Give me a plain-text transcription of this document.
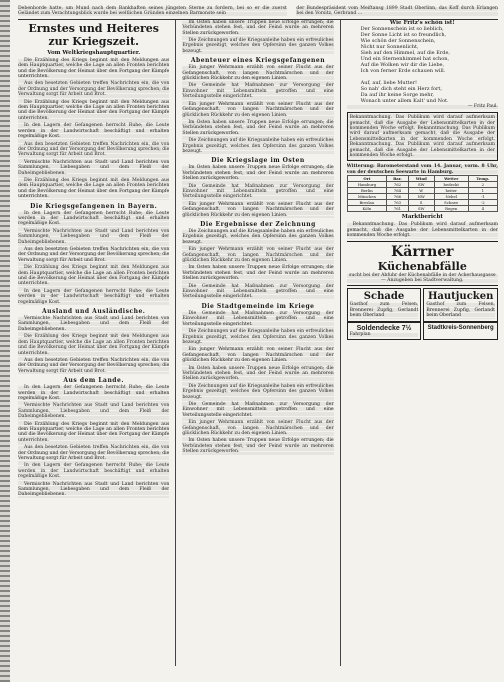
Debenhorde hatte, um Mund nach dem Bankhaften seines jüngsten Sterne zu fordern, bei so er die zuerst Geländet zum Verachtungsblick wurde bei weltlichen Gründen einzelnen Barmonste sein
der Bundespräsident vom Meiftansg 1899 Stadt Oberlinn, das Koff durch Erlangen bei den Vorsitz, Gerbrand ...
Ernstes und Heiteres zur Kriegszeit.
Vom Weltkriegshauptquartier.

Die Erzählung des Kriegs beginnt mit den Meldungen aus dem Hauptquartier, welche die Lage an allen Fronten berichten und die Bevölkerung der Heimat über den Fortgang der Kämpfe unterrichten.

Aus den besetzten Gebieten treffen Nachrichten ein, die von der Ordnung und der Versorgung der Bevölkerung sprechen; die Verwaltung sorgt für Arbeit und Brot.

Die Erzählung des Kriegs beginnt mit den Meldungen aus dem Hauptquartier, welche die Lage an allen Fronten berichten und die Bevölkerung der Heimat über den Fortgang der Kämpfe unterrichten.

In den Lagern der Gefangenen herrscht Ruhe; die Leute werden in der Landwirtschaft beschäftigt und erhalten regelmäßige Kost.

Aus den besetzten Gebieten treffen Nachrichten ein, die von der Ordnung und der Versorgung der Bevölkerung sprechen; die Verwaltung sorgt für Arbeit und Brot.

Vermischte Nachrichten aus Stadt und Land berichten von Sammlungen, Liebesgaben und dem Fleiß der Daheimgebliebenen.

Die Erzählung des Kriegs beginnt mit den Meldungen aus dem Hauptquartier, welche die Lage an allen Fronten berichten und die Bevölkerung der Heimat über den Fortgang der Kämpfe unterrichten.

Die Kriegsgefangenen in Bayern.

In den Lagern der Gefangenen herrscht Ruhe; die Leute werden in der Landwirtschaft beschäftigt und erhalten regelmäßige Kost.

Vermischte Nachrichten aus Stadt und Land berichten von Sammlungen, Liebesgaben und dem Fleiß der Daheimgebliebenen.

Aus den besetzten Gebieten treffen Nachrichten ein, die von der Ordnung und der Versorgung der Bevölkerung sprechen; die Verwaltung sorgt für Arbeit und Brot.

Die Erzählung des Kriegs beginnt mit den Meldungen aus dem Hauptquartier, welche die Lage an allen Fronten berichten und die Bevölkerung der Heimat über den Fortgang der Kämpfe unterrichten.

In den Lagern der Gefangenen herrscht Ruhe; die Leute werden in der Landwirtschaft beschäftigt und erhalten regelmäßige Kost.

Ausland und Ausländische.

Vermischte Nachrichten aus Stadt und Land berichten von Sammlungen, Liebesgaben und dem Fleiß der Daheimgebliebenen.

Die Erzählung des Kriegs beginnt mit den Meldungen aus dem Hauptquartier, welche die Lage an allen Fronten berichten und die Bevölkerung der Heimat über den Fortgang der Kämpfe unterrichten.

Aus den besetzten Gebieten treffen Nachrichten ein, die von der Ordnung und der Versorgung der Bevölkerung sprechen; die Verwaltung sorgt für Arbeit und Brot.

Aus dem Lande.

In den Lagern der Gefangenen herrscht Ruhe; die Leute werden in der Landwirtschaft beschäftigt und erhalten regelmäßige Kost.

Vermischte Nachrichten aus Stadt und Land berichten von Sammlungen, Liebesgaben und dem Fleiß der Daheimgebliebenen.

Die Erzählung des Kriegs beginnt mit den Meldungen aus dem Hauptquartier, welche die Lage an allen Fronten berichten und die Bevölkerung der Heimat über den Fortgang der Kämpfe unterrichten.

Aus den besetzten Gebieten treffen Nachrichten ein, die von der Ordnung und der Versorgung der Bevölkerung sprechen; die Verwaltung sorgt für Arbeit und Brot.

In den Lagern der Gefangenen herrscht Ruhe; die Leute werden in der Landwirtschaft beschäftigt und erhalten regelmäßige Kost.

Vermischte Nachrichten aus Stadt und Land berichten von Sammlungen, Liebesgaben und dem Fleiß der Daheimgebliebenen.

Im Osten haben unsere Truppen neue Erfolge errungen; die Verbündeten stehen fest, und der Feind wurde an mehreren Stellen zurückgeworfen.

Die Zeichnungen auf die Kriegsanleihe haben ein erfreuliches Ergebnis gezeitigt, welches den Opfersinn des ganzen Volkes bezeugt.

Abenteuer eines Kriegsgefangenen

Ein junger Wehrmann erzählt von seiner Flucht aus der Gefangenschaft, von langen Nachtmärschen und der glücklichen Rückkehr zu den eigenen Linien.

Die Gemeinde hat Maßnahmen zur Versorgung der Einwohner mit Lebensmitteln getroffen und eine Verteilungsstelle eingerichtet.

Ein junger Wehrmann erzählt von seiner Flucht aus der Gefangenschaft, von langen Nachtmärschen und der glücklichen Rückkehr zu den eigenen Linien.

Im Osten haben unsere Truppen neue Erfolge errungen; die Verbündeten stehen fest, und der Feind wurde an mehreren Stellen zurückgeworfen.

Die Zeichnungen auf die Kriegsanleihe haben ein erfreuliches Ergebnis gezeitigt, welches den Opfersinn des ganzen Volkes bezeugt.

Die Kriegslage im Osten

Im Osten haben unsere Truppen neue Erfolge errungen; die Verbündeten stehen fest, und der Feind wurde an mehreren Stellen zurückgeworfen.

Die Gemeinde hat Maßnahmen zur Versorgung der Einwohner mit Lebensmitteln getroffen und eine Verteilungsstelle eingerichtet.

Ein junger Wehrmann erzählt von seiner Flucht aus der Gefangenschaft, von langen Nachtmärschen und der glücklichen Rückkehr zu den eigenen Linien.

Die Ergebnisse der Zeichnung

Die Zeichnungen auf die Kriegsanleihe haben ein erfreuliches Ergebnis gezeitigt, welches den Opfersinn des ganzen Volkes bezeugt.

Ein junger Wehrmann erzählt von seiner Flucht aus der Gefangenschaft, von langen Nachtmärschen und der glücklichen Rückkehr zu den eigenen Linien.

Im Osten haben unsere Truppen neue Erfolge errungen; die Verbündeten stehen fest, und der Feind wurde an mehreren Stellen zurückgeworfen.

Die Gemeinde hat Maßnahmen zur Versorgung der Einwohner mit Lebensmitteln getroffen und eine Verteilungsstelle eingerichtet.

Die Stadtgemeinde im Kriege

Die Gemeinde hat Maßnahmen zur Versorgung der Einwohner mit Lebensmitteln getroffen und eine Verteilungsstelle eingerichtet.

Die Zeichnungen auf die Kriegsanleihe haben ein erfreuliches Ergebnis gezeitigt, welches den Opfersinn des ganzen Volkes bezeugt.

Ein junger Wehrmann erzählt von seiner Flucht aus der Gefangenschaft, von langen Nachtmärschen und der glücklichen Rückkehr zu den eigenen Linien.

Im Osten haben unsere Truppen neue Erfolge errungen; die Verbündeten stehen fest, und der Feind wurde an mehreren Stellen zurückgeworfen.

Die Zeichnungen auf die Kriegsanleihe haben ein erfreuliches Ergebnis gezeitigt, welches den Opfersinn des ganzen Volkes bezeugt.

Die Gemeinde hat Maßnahmen zur Versorgung der Einwohner mit Lebensmitteln getroffen und eine Verteilungsstelle eingerichtet.

Ein junger Wehrmann erzählt von seiner Flucht aus der Gefangenschaft, von langen Nachtmärschen und der glücklichen Rückkehr zu den eigenen Linien.

Im Osten haben unsere Truppen neue Erfolge errungen; die Verbündeten stehen fest, und der Feind wurde an mehreren Stellen zurückgeworfen.

Wie Fritz's schön ist!
Der Sonnenschein ist so lieblich,
Der Sonne Licht ist so freundlich,
Wie schön der Sonnenschein,
Nicht nur Sonnenlicht,
Sieh auf den Himmel, auf die Erde,
Und ein Sternenhimmel hat schon,
Auf die Wolken wir dir die Liebe,
Ich von ferner Erde schauen will.

Auf, auf, liebe Mutter!
So nah' dich steht ein Herz fort,
Da auf ihr keine Sorge mehr,
Wonach unter allem Kalt' und Not.
— Fritz Paul.
Bekanntmachung. Das Publikum wird darauf aufmerksam gemacht, daß die Ausgabe der Lebensmittelkarten in der kommenden Woche erfolgt. Bekanntmachung. Das Publikum wird darauf aufmerksam gemacht, daß die Ausgabe der Lebensmittelkarten in der kommenden Woche erfolgt. Bekanntmachung. Das Publikum wird darauf aufmerksam gemacht, daß die Ausgabe der Lebensmittelkarten in der kommenden Woche erfolgt.
Witterung: Barometerstand vom 14. Januar, vorm. 8 Uhr, von der deutschen Seewarte in Hamburg.
Ort	Bar.	Wind	Wetter	Temp.
Hamburg	762	SW	bedeckt	2
Berlin	764	W	heiter	1
München	766	NW	Nebel	-1
Breslau	763	S	Schnee	-2
Köln	761	SW	Regen	4
Marktbericht

Bekanntmachung. Das Publikum wird darauf aufmerksam gemacht, daß die Ausgabe der Lebensmittelkarten in der kommenden Woche erfolgt.

Kärrner
Küchenabfälle
sucht bei der Abfuhr der Küchenabfälle in der Ackerhausgasse — Anzugeben bei Stadtverwaltung.
Schade
Gasthof zum Felsen, Brennerei Zupfig, Gerlandt beim Oberland
Hautjucken
Gasthof zum Felsen, Brennerei Zupfig, Gerlandt beim Oberland
Soldendecke 7½
Fahrplan
Stadtkreis-Sonnenberg
